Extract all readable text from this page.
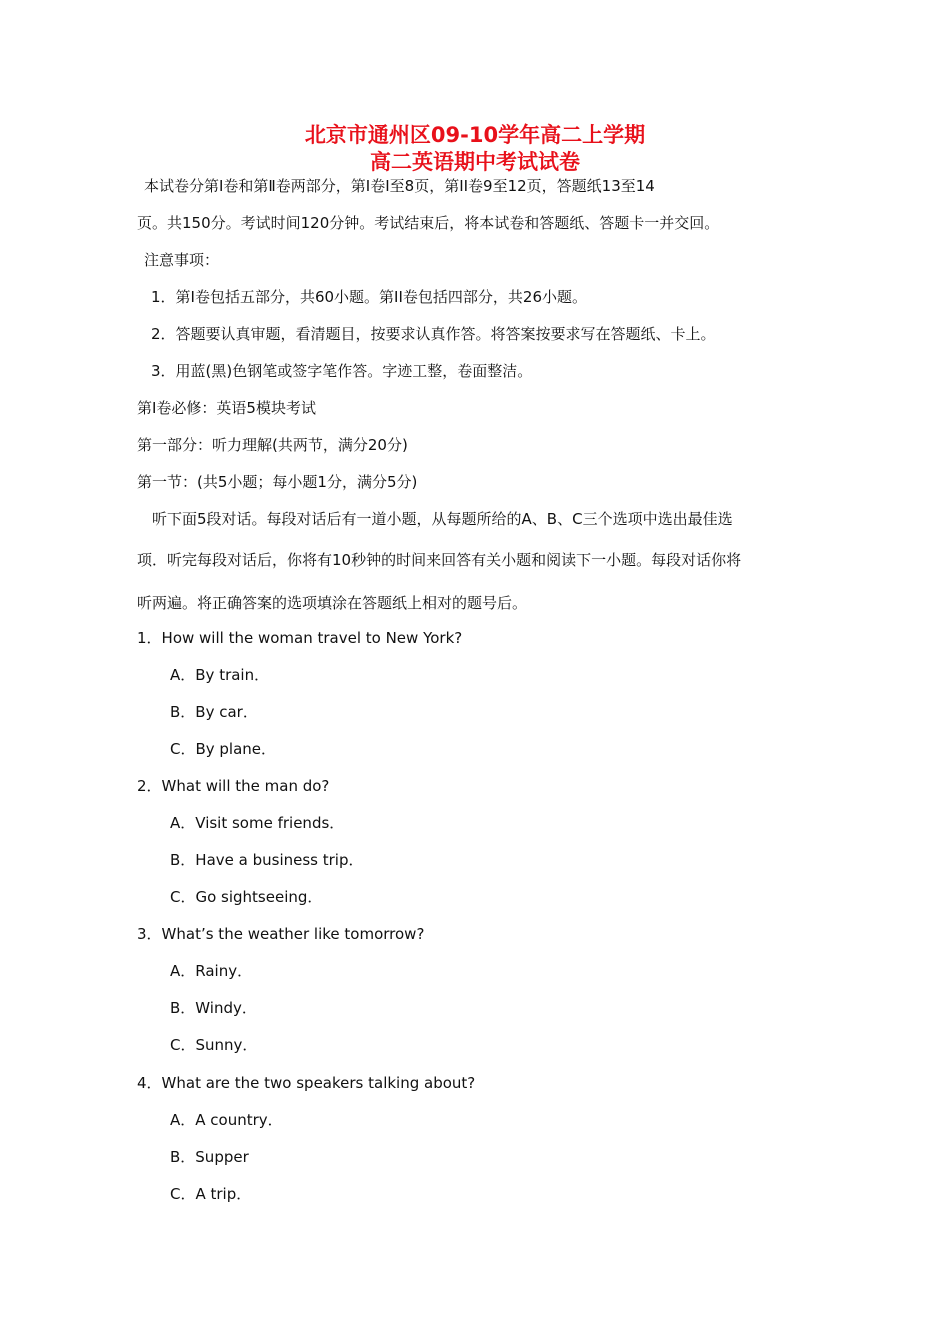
北京市通州区09-10学年高二上学期
高二英语期中考试试卷
本试卷分第I卷和第Ⅱ卷两部分，第I卷I至8页，第II卷9至12页，答题纸13至14
页。共150分。考试时间120分钟。考试结束后，将本试卷和答题纸、答题卡一并交回。
注意事项：
1．第I卷包括五部分，共60小题。第II卷包括四部分，共26小题。
2．答题要认真审题，看清题目，按要求认真作答。将答案按要求写在答题纸、卡上。
3．用蓝(黑)色钢笔或签字笔作答。字迹工整，卷面整洁。
第I卷必修：英语5模块考试
第一部分：听力理解(共两节，满分20分)
第一节：(共5小题；每小题1分，满分5分)
听下面5段对话。每段对话后有一道小题，从每题所给的A、B、C三个选项中选出最佳选
项．听完每段对话后，你将有10秒钟的时间来回答有关小题和阅读下一小题。每段对话你将
听两遍。将正确答案的选项填涂在答题纸上相对的题号后。
1．How will the woman travel to New York?
A．By train．
B．By car．
C．By plane．
2．What will the man do?
A．Visit some friends．
B．Have a business trip．
C．Go sightseeing．
3．What’s the weather like tomorrow?
A．Rainy．
B．Windy．
C．Sunny．
4．What are the two speakers talking about?
A．A country．
B．Supper
C．A trip．
